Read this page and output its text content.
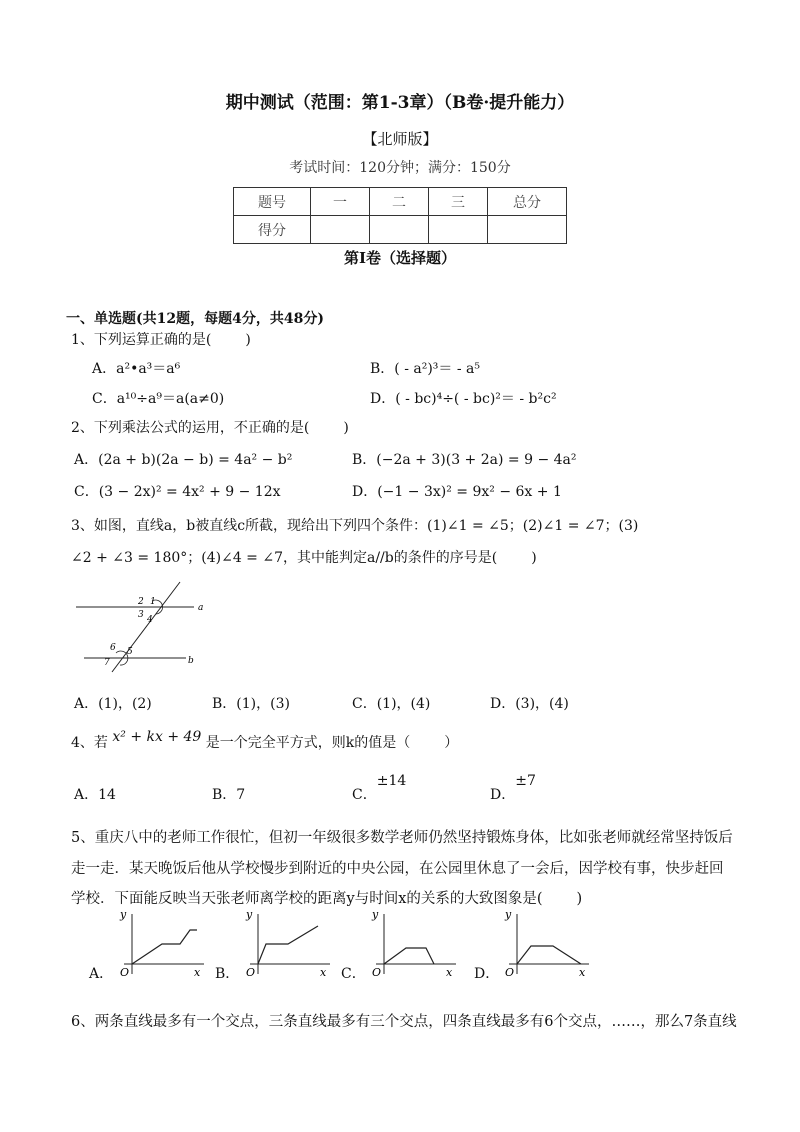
期中测试（范围：第1-3章）（B卷·提升能力）
【北师版】
考试时间：120分钟；满分：150分
题号	一	二	三	总分
得分				
第I卷（选择题）
一、单选题(共12题，每题4分，共48分)
1、下列运算正确的是( )
A．a²•a³＝a⁶	B．( - a²)³＝ - a⁵
C．a¹⁰÷a⁹＝a(a≠0)	D．( - bc)⁴÷( - bc)²＝ - b²c²
2、下列乘法公式的运用，不正确的是( )
A．(2a + b)(2a − b) = 4a² − b²	B．(−2a + 3)(3 + 2a) = 9 − 4a²
C．(3 − 2x)² = 4x² + 9 − 12x	D．(−1 − 3x)² = 9x² − 6x + 1
3、如图，直线a，b被直线c所截，现给出下列四个条件：(1)∠1 = ∠5；(2)∠1 = ∠7；(3)
∠2 + ∠3 = 180°；(4)∠4 = ∠7，其中能判定a//b的条件的序号是( )
1
2
3 4
5
6
7
a
b
A．(1)，(2)	B．(1)，(3)	C．(1)，(4)	D．(3)，(4)
4、若 x² + kx + 49 是一个完全平方式，则k的值是（ ）
A．14	B．7	C．±14
D．±7
5、重庆八中的老师工作很忙，但初一年级很多数学老师仍然坚持锻炼身体，比如张老师就经常坚持饭后
走一走．某天晚饭后他从学校慢步到附近的中央公园，在公园里休息了一会后，因学校有事，快步赶回
学校．下面能反映当天张老师离学校的距离y与时间x的关系的大致图象是( )
A．
y
x
O	B．
y
x
O	C．
y
x
O	D．
y
x
O
6、两条直线最多有一个交点，三条直线最多有三个交点，四条直线最多有6个交点，……，那么7条直线
